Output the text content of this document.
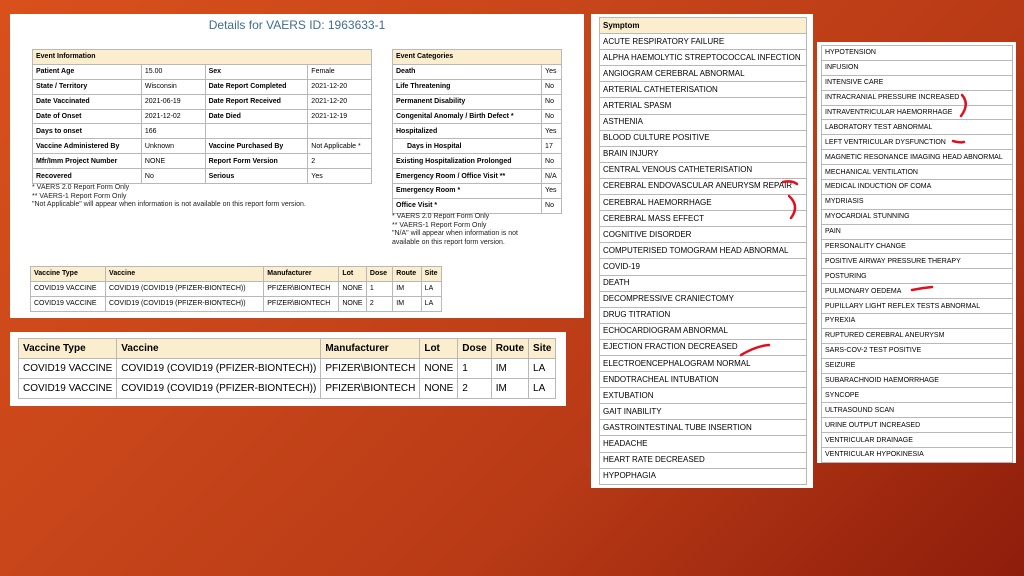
Details for VAERS ID: 1963633-1
Event Information			
Patient Age	15.00	Sex	Female
State / Territory	Wisconsin	Date Report Completed	2021-12-20
Date Vaccinated	2021-06-19	Date Report Received	2021-12-20
Date of Onset	2021-12-02	Date Died	2021-12-19
Days to onset	166		
Vaccine Administered By	Unknown	Vaccine Purchased By	Not Applicable *
Mfr/Imm Project Number	NONE	Report Form Version	2
Recovered	No	Serious	Yes
* VAERS 2.0 Report Form Only
** VAERS-1 Report Form Only
"Not Applicable" will appear when information is not available on this report form version.
Event Categories	
Death	Yes
Life Threatening	No
Permanent Disability	No
Congenital Anomaly / Birth Defect *	No
Hospitalized	Yes
Days in Hospital	17
Existing Hospitalization Prolonged	No
Emergency Room / Office Visit **	N/A
Emergency Room *	Yes
Office Visit *	No
* VAERS 2.0 Report Form Only
** VAERS-1 Report Form Only
"N/A" will appear when information is not
available on this report form version.
Vaccine Type	Vaccine	Manufacturer	Lot	Dose	Route	Site
COVID19 VACCINE	COVID19 (COVID19 (PFIZER-BIONTECH))	PFIZER\BIONTECH	NONE	1	IM	LA
COVID19 VACCINE	COVID19 (COVID19 (PFIZER-BIONTECH))	PFIZER\BIONTECH	NONE	2	IM	LA
Vaccine Type	Vaccine	Manufacturer	Lot	Dose	Route	Site
COVID19 VACCINE	COVID19 (COVID19 (PFIZER-BIONTECH))	PFIZER\BIONTECH	NONE	1	IM	LA
COVID19 VACCINE	COVID19 (COVID19 (PFIZER-BIONTECH))	PFIZER\BIONTECH	NONE	2	IM	LA
Symptom
ACUTE RESPIRATORY FAILURE
ALPHA HAEMOLYTIC STREPTOCOCCAL INFECTION
ANGIOGRAM CEREBRAL ABNORMAL
ARTERIAL CATHETERISATION
ARTERIAL SPASM
ASTHENIA
BLOOD CULTURE POSITIVE
BRAIN INJURY
CENTRAL VENOUS CATHETERISATION
CEREBRAL ENDOVASCULAR ANEURYSM REPAIR
CEREBRAL HAEMORRHAGE
CEREBRAL MASS EFFECT
COGNITIVE DISORDER
COMPUTERISED TOMOGRAM HEAD ABNORMAL
COVID-19
DEATH
DECOMPRESSIVE CRANIECTOMY
DRUG TITRATION
ECHOCARDIOGRAM ABNORMAL
EJECTION FRACTION DECREASED
ELECTROENCEPHALOGRAM NORMAL
ENDOTRACHEAL INTUBATION
EXTUBATION
GAIT INABILITY
GASTROINTESTINAL TUBE INSERTION
HEADACHE
HEART RATE DECREASED
HYPOPHAGIA
HYPOTENSION
INFUSION
INTENSIVE CARE
INTRACRANIAL PRESSURE INCREASED
INTRAVENTRICULAR HAEMORRHAGE
LABORATORY TEST ABNORMAL
LEFT VENTRICULAR DYSFUNCTION
MAGNETIC RESONANCE IMAGING HEAD ABNORMAL
MECHANICAL VENTILATION
MEDICAL INDUCTION OF COMA
MYDRIASIS
MYOCARDIAL STUNNING
PAIN
PERSONALITY CHANGE
POSITIVE AIRWAY PRESSURE THERAPY
POSTURING
PULMONARY OEDEMA
PUPILLARY LIGHT REFLEX TESTS ABNORMAL
PYREXIA
RUPTURED CEREBRAL ANEURYSM
SARS-COV-2 TEST POSITIVE
SEIZURE
SUBARACHNOID HAEMORRHAGE
SYNCOPE
ULTRASOUND SCAN
URINE OUTPUT INCREASED
VENTRICULAR DRAINAGE
VENTRICULAR HYPOKINESIA
